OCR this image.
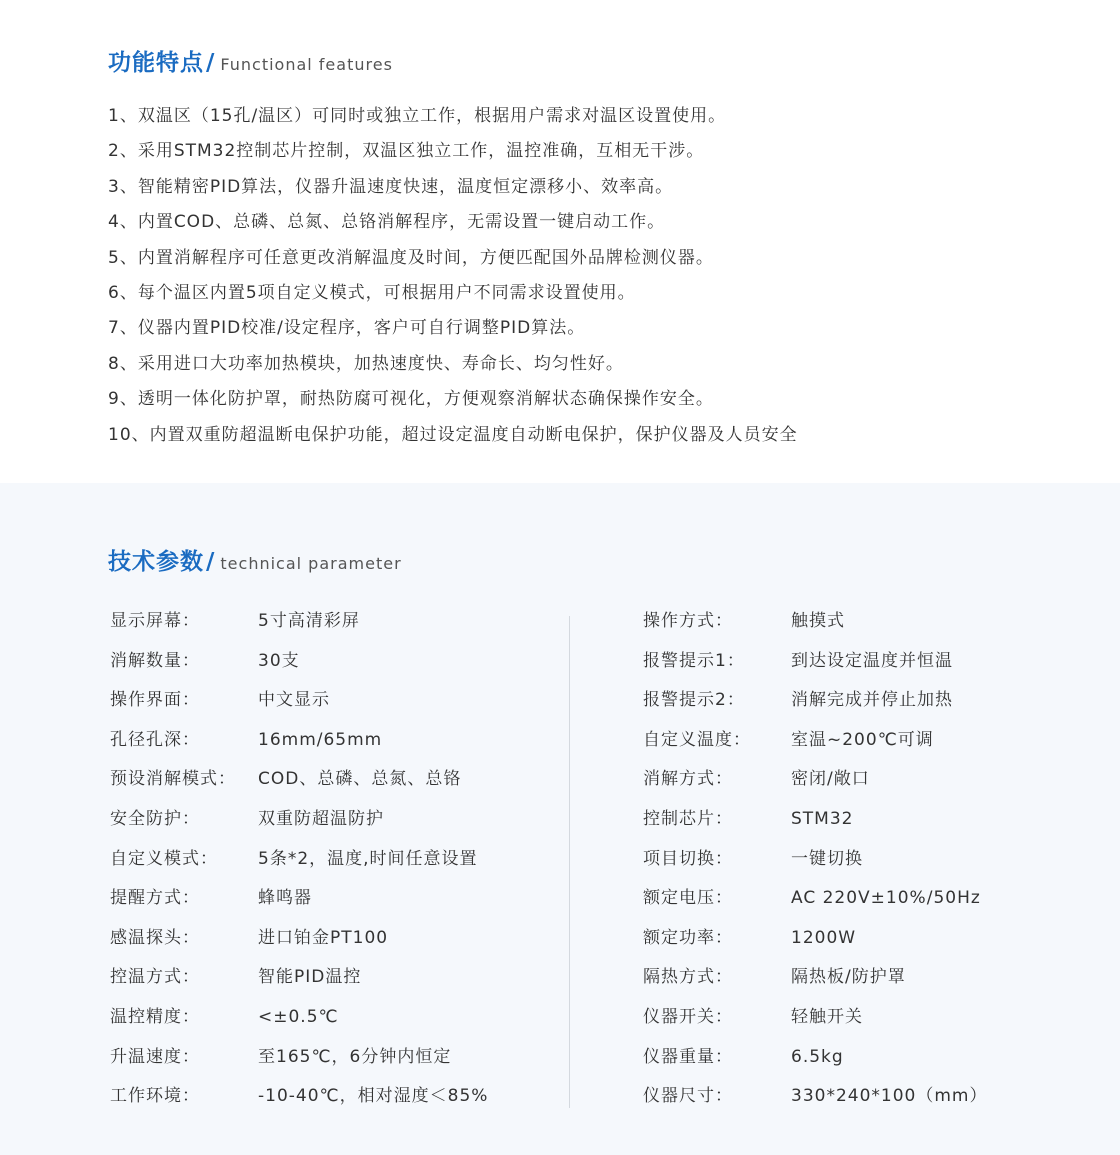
功能特点 / Functional features
1、双温区（15孔/温区）可同时或独立工作，根据用户需求对温区设置使用。
2、采用STM32控制芯片控制，双温区独立工作，温控准确，互相无干涉。
3、智能精密PID算法，仪器升温速度快速，温度恒定漂移小、效率高。
4、内置COD、总磷、总氮、总铬消解程序，无需设置一键启动工作。
5、内置消解程序可任意更改消解温度及时间，方便匹配国外品牌检测仪器。
6、每个温区内置5项自定义模式，可根据用户不同需求设置使用。
7、仪器内置PID校准/设定程序，客户可自行调整PID算法。
8、采用进口大功率加热模块，加热速度快、寿命长、均匀性好。
9、透明一体化防护罩，耐热防腐可视化，方便观察消解状态确保操作安全。
10、内置双重防超温断电保护功能，超过设定温度自动断电保护，保护仪器及人员安全
技术参数 / technical parameter
显示屏幕：	5寸高清彩屏
消解数量：	30支
操作界面：	中文显示
孔径孔深：	16mm/65mm
预设消解模式： COD、总磷、总氮、总铬
安全防护：	双重防超温防护
自定义模式： 5条*2，温度,时间任意设置
提醒方式：	蜂鸣器
感温探头：	进口铂金PT100
控温方式：	智能PID温控
温控精度：	<±0.5℃
升温速度：	至165℃，6分钟内恒定
工作环境：	-10-40℃，相对湿度＜85%
操作方式：	触摸式
报警提示1：	到达设定温度并恒温
报警提示2：	消解完成并停止加热
自定义温度： 室温~200℃可调
消解方式：	密闭/敞口
控制芯片：	STM32
项目切换：	一键切换
额定电压：	AC 220V±10%/50Hz
额定功率：	1200W
隔热方式：	隔热板/防护罩
仪器开关：	轻触开关
仪器重量：	6.5kg
仪器尺寸：	330*240*100（mm）
